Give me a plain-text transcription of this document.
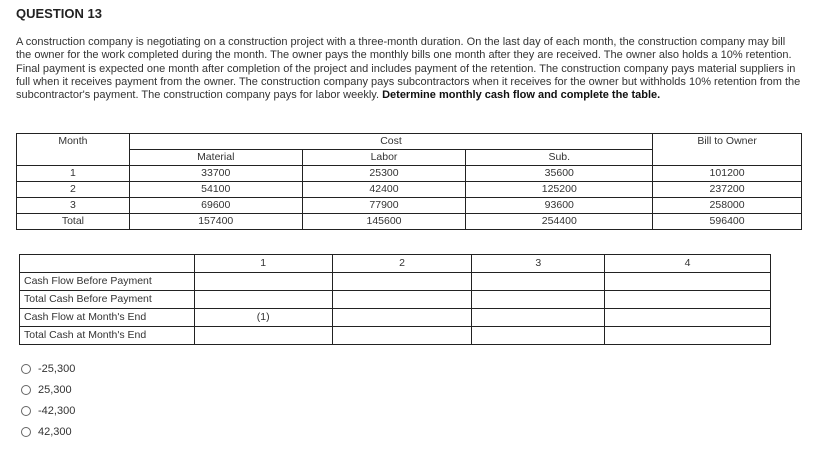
QUESTION 13
A construction company is negotiating on a construction project with a three-month duration. On the last day of each month, the construction company may bill the owner for the work completed during the month. The owner pays the monthly bills one month after they are received. The owner also holds a 10% retention. Final payment is expected one month after completion of the project and includes payment of the retention. The construction company pays material suppliers in full when it receives payment from the owner. The construction company pays subcontractors when it receives for the owner but withholds 10% retention from the subcontractor's payment. The construction company pays for labor weekly. Determine monthly cash flow and complete the table.
Month	Cost			Bill to Owner
	Material	Labor	Sub.	
1	33700	25300	35600	101200
2	54100	42400	125200	237200
3	69600	77900	93600	258000
Total	157400	145600	254400	596400
	1	2	3	4
Cash Flow Before Payment				
Total Cash Before Payment				
Cash Flow at Month's End	(1)			
Total Cash at Month's End				
-25,300
25,300
-42,300
42,300
